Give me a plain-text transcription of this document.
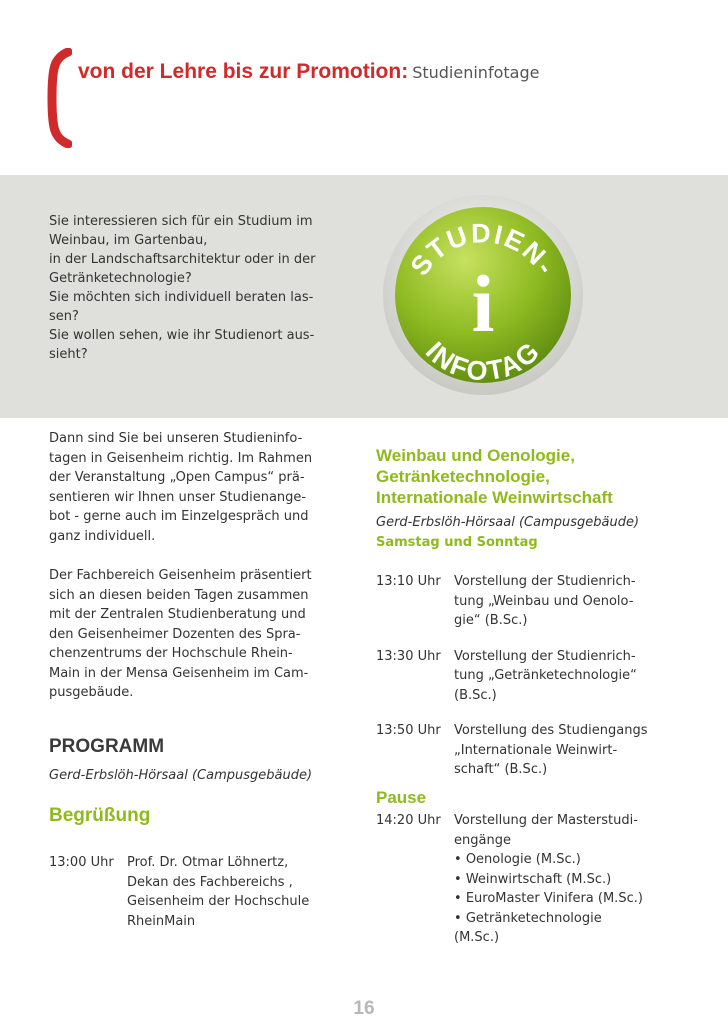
von der Lehre bis zur Promotion: Studieninfotage

Sie interessieren sich für ein Studium im

Weinbau, im Gartenbau,

in der Landschaftsarchitektur oder in der

Getränketechnologie?

Sie möchten sich individuell beraten las-

sen?

Sie wollen sehen, wie ihr Studienort aus-

sieht?

STUDIEN-
INFOTAG
i

Dann sind Sie bei unseren Studieninfo-

tagen in Geisenheim richtig. Im Rahmen

der Veranstaltung „Open Campus“ prä-

sentieren wir Ihnen unser Studienange-

bot - gerne auch im Einzelgespräch und

ganz individuell.

Der Fachbereich Geisenheim präsentiert

sich an diesen beiden Tagen zusammen

mit der Zentralen Studienberatung und

den Geisenheimer Dozenten des Spra-

chenzentrums der Hochschule Rhein-

Main in der Mensa Geisenheim im Cam-

pusgebäude.

PROGRAMM
Gerd-Erbslöh-Hörsaal (Campusgebäude)
Begrüßung
13:00 Uhr	Prof. Dr. Otmar Löhnertz,

Dekan des Fachbereichs ,

Geisenheim der Hochschule

RheinMain

Weinbau und Oenologie,
Getränketechnologie,
Internationale Weinwirtschaft
Gerd-Erbslöh-Hörsaal (Campusgebäude)
Samstag und Sonntag
13:10 Uhr	Vorstellung der Studienrich-

tung „Weinbau und Oenolo-

gie“ (B.Sc.)

13:30 Uhr	Vorstellung der Studienrich-

tung „Getränketechnologie“

(B.Sc.)

13:50 Uhr	Vorstellung des Studiengangs

„Internationale Weinwirt-

schaft“ (B.Sc.)

Pause
14:20 Uhr	Vorstellung der Masterstudi-

engänge

• Oenologie (M.Sc.)
• Weinwirtschaft (M.Sc.)
• EuroMaster Vinifera (M.Sc.)
• Getränketechnologie

(M.Sc.)

16
